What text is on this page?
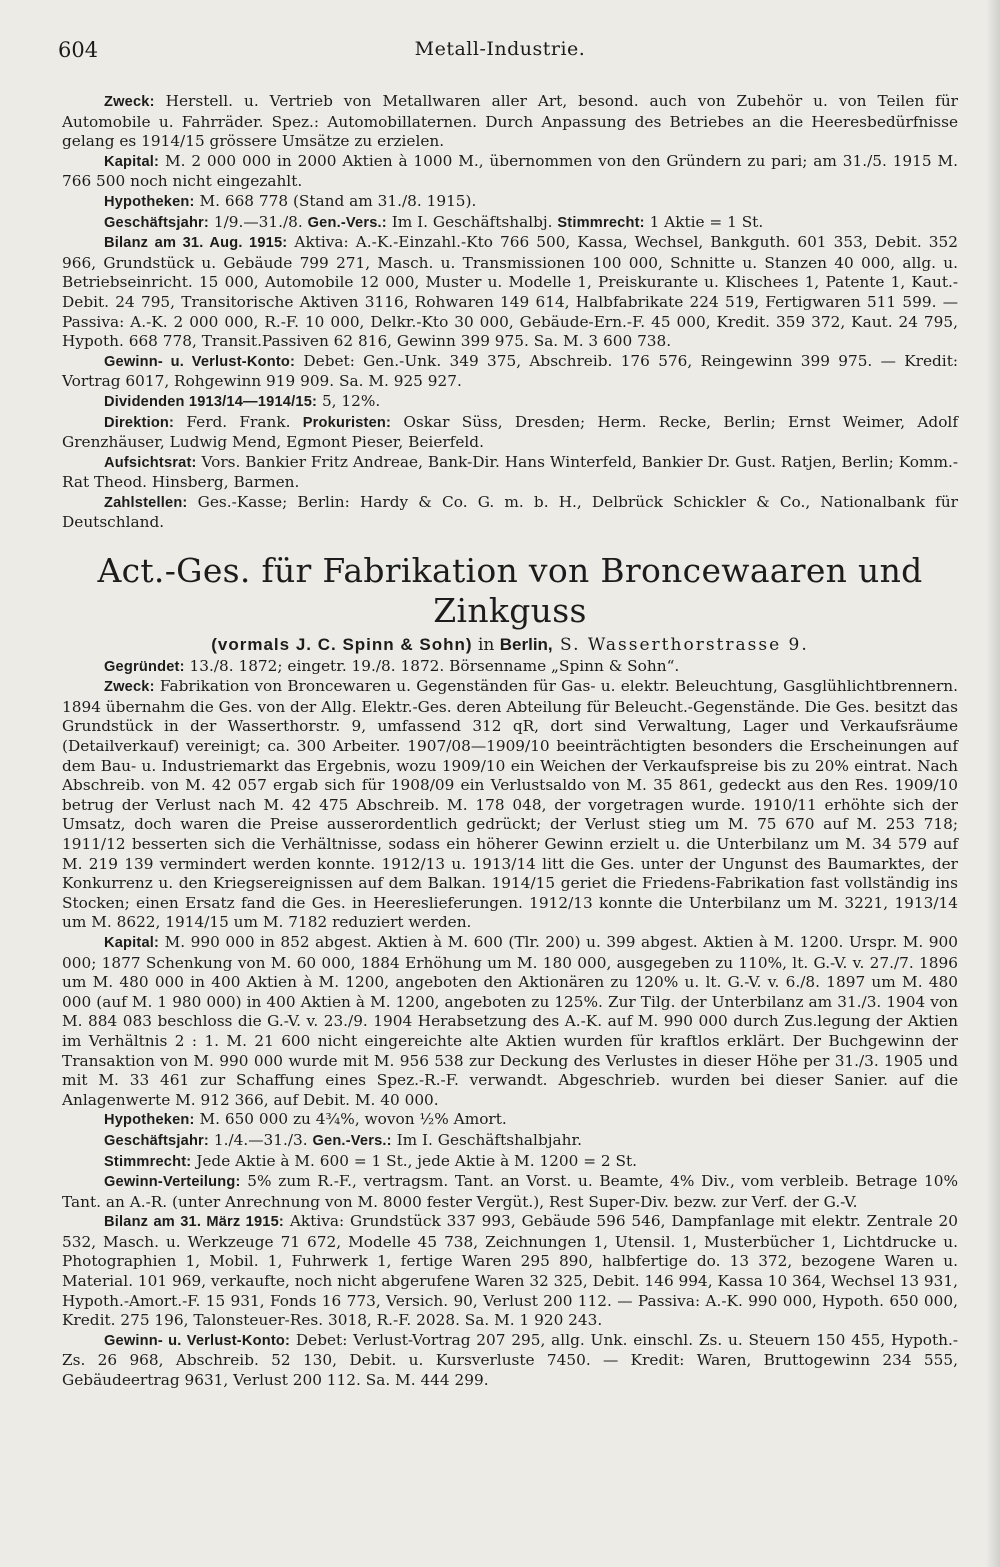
604	Metall-Industrie.

Zweck: Herstell. u. Vertrieb von Metallwaren aller Art, besond. auch von Zubehör u. von Teilen für Automobile u. Fahrräder. Spez.: Automobillaternen. Durch Anpassung des Betriebes an die Heeresbedürfnisse gelang es 1914/15 grössere Umsätze zu erzielen.

Kapital: M. 2 000 000 in 2000 Aktien à 1000 M., übernommen von den Gründern zu pari; am 31./5. 1915 M. 766 500 noch nicht eingezahlt.

Hypotheken: M. 668 778 (Stand am 31./8. 1915).

Geschäftsjahr: 1/9.—31./8. Gen.-Vers.: Im I. Geschäftshalbj. Stimmrecht: 1 Aktie = 1 St.

Bilanz am 31. Aug. 1915: Aktiva: A.-K.-Einzahl.-Kto 766 500, Kassa, Wechsel, Bankguth. 601 353, Debit. 352 966, Grundstück u. Gebäude 799 271, Masch. u. Transmissionen 100 000, Schnitte u. Stanzen 40 000, allg. u. Betriebseinricht. 15 000, Automobile 12 000, Muster u. Modelle 1, Preiskurante u. Klischees 1, Patente 1, Kaut.-Debit. 24 795, Transitorische Aktiven 3116, Rohwaren 149 614, Halbfabrikate 224 519, Fertigwaren 511 599. — Passiva: A.-K. 2 000 000, R.-F. 10 000, Delkr.-Kto 30 000, Gebäude-Ern.-F. 45 000, Kredit. 359 372, Kaut. 24 795, Hypoth. 668 778, Transit.Passiven 62 816, Gewinn 399 975. Sa. M. 3 600 738.

Gewinn- u. Verlust-Konto: Debet: Gen.-Unk. 349 375, Abschreib. 176 576, Reingewinn 399 975. — Kredit: Vortrag 6017, Rohgewinn 919 909. Sa. M. 925 927.

Dividenden 1913/14—1914/15: 5, 12%.

Direktion: Ferd. Frank. Prokuristen: Oskar Süss, Dresden; Herm. Recke, Berlin; Ernst Weimer, Adolf Grenzhäuser, Ludwig Mend, Egmont Pieser, Beierfeld.

Aufsichtsrat: Vors. Bankier Fritz Andreae, Bank-Dir. Hans Winterfeld, Bankier Dr. Gust. Ratjen, Berlin; Komm.-Rat Theod. Hinsberg, Barmen.

Zahlstellen: Ges.-Kasse; Berlin: Hardy & Co. G. m. b. H., Delbrück Schickler & Co., Nationalbank für Deutschland.

Act.-Ges. für Fabrikation von Broncewaaren und Zinkguss
(vormals J. C. Spinn & Sohn) in Berlin, S. Wasserthorstrasse 9.

Gegründet: 13./8. 1872; eingetr. 19./8. 1872. Börsenname „Spinn & Sohn“.

Zweck: Fabrikation von Broncewaren u. Gegenständen für Gas- u. elektr. Beleuchtung, Gasglühlichtbrennern. 1894 übernahm die Ges. von der Allg. Elektr.-Ges. deren Abteilung für Beleucht.-Gegenstände. Die Ges. besitzt das Grundstück in der Wasserthorstr. 9, umfassend 312 qR, dort sind Verwaltung, Lager und Verkaufsräume (Detailverkauf) vereinigt; ca. 300 Arbeiter. 1907/08—1909/10 beeinträchtigten besonders die Erscheinungen auf dem Bau- u. Industriemarkt das Ergebnis, wozu 1909/10 ein Weichen der Verkaufspreise bis zu 20% eintrat. Nach Abschreib. von M. 42 057 ergab sich für 1908/09 ein Verlustsaldo von M. 35 861, gedeckt aus den Res. 1909/10 betrug der Verlust nach M. 42 475 Abschreib. M. 178 048, der vorgetragen wurde. 1910/11 erhöhte sich der Umsatz, doch waren die Preise ausserordentlich gedrückt; der Verlust stieg um M. 75 670 auf M. 253 718; 1911/12 besserten sich die Verhältnisse, sodass ein höherer Gewinn erzielt u. die Unterbilanz um M. 34 579 auf M. 219 139 vermindert werden konnte. 1912/13 u. 1913/14 litt die Ges. unter der Ungunst des Baumarktes, der Konkurrenz u. den Kriegsereignissen auf dem Balkan. 1914/15 geriet die Friedens-Fabrikation fast vollständig ins Stocken; einen Ersatz fand die Ges. in Heereslieferungen. 1912/13 konnte die Unterbilanz um M. 3221, 1913/14 um M. 8622, 1914/15 um M. 7182 reduziert werden.

Kapital: M. 990 000 in 852 abgest. Aktien à M. 600 (Tlr. 200) u. 399 abgest. Aktien à M. 1200. Urspr. M. 900 000; 1877 Schenkung von M. 60 000, 1884 Erhöhung um M. 180 000, ausgegeben zu 110%, lt. G.-V. v. 27./7. 1896 um M. 480 000 in 400 Aktien à M. 1200, angeboten den Aktionären zu 120% u. lt. G.-V. v. 6./8. 1897 um M. 480 000 (auf M. 1 980 000) in 400 Aktien à M. 1200, angeboten zu 125%. Zur Tilg. der Unterbilanz am 31./3. 1904 von M. 884 083 beschloss die G.-V. v. 23./9. 1904 Herabsetzung des A.-K. auf M. 990 000 durch Zus.legung der Aktien im Verhältnis 2 : 1. M. 21 600 nicht eingereichte alte Aktien wurden für kraftlos erklärt. Der Buchgewinn der Transaktion von M. 990 000 wurde mit M. 956 538 zur Deckung des Verlustes in dieser Höhe per 31./3. 1905 und mit M. 33 461 zur Schaffung eines Spez.-R.-F. verwandt. Abgeschrieb. wurden bei dieser Sanier. auf die Anlagenwerte M. 912 366, auf Debit. M. 40 000.

Hypotheken: M. 650 000 zu 4¾%, wovon ½% Amort.

Geschäftsjahr: 1./4.—31./3. Gen.-Vers.: Im I. Geschäftshalbjahr.

Stimmrecht: Jede Aktie à M. 600 = 1 St., jede Aktie à M. 1200 = 2 St.

Gewinn-Verteilung: 5% zum R.-F., vertragsm. Tant. an Vorst. u. Beamte, 4% Div., vom verbleib. Betrage 10% Tant. an A.-R. (unter Anrechnung von M. 8000 fester Vergüt.), Rest Super-Div. bezw. zur Verf. der G.-V.

Bilanz am 31. März 1915: Aktiva: Grundstück 337 993, Gebäude 596 546, Dampfanlage mit elektr. Zentrale 20 532, Masch. u. Werkzeuge 71 672, Modelle 45 738, Zeichnungen 1, Utensil. 1, Musterbücher 1, Lichtdrucke u. Photographien 1, Mobil. 1, Fuhrwerk 1, fertige Waren 295 890, halbfertige do. 13 372, bezogene Waren u. Material. 101 969, verkaufte, noch nicht abgerufene Waren 32 325, Debit. 146 994, Kassa 10 364, Wechsel 13 931, Hypoth.-Amort.-F. 15 931, Fonds 16 773, Versich. 90, Verlust 200 112. — Passiva: A.-K. 990 000, Hypoth. 650 000, Kredit. 275 196, Talonsteuer-Res. 3018, R.-F. 2028. Sa. M. 1 920 243.

Gewinn- u. Verlust-Konto: Debet: Verlust-Vortrag 207 295, allg. Unk. einschl. Zs. u. Steuern 150 455, Hypoth.-Zs. 26 968, Abschreib. 52 130, Debit. u. Kursverluste 7450. — Kredit: Waren, Bruttogewinn 234 555, Gebäudeertrag 9631, Verlust 200 112. Sa. M. 444 299.
